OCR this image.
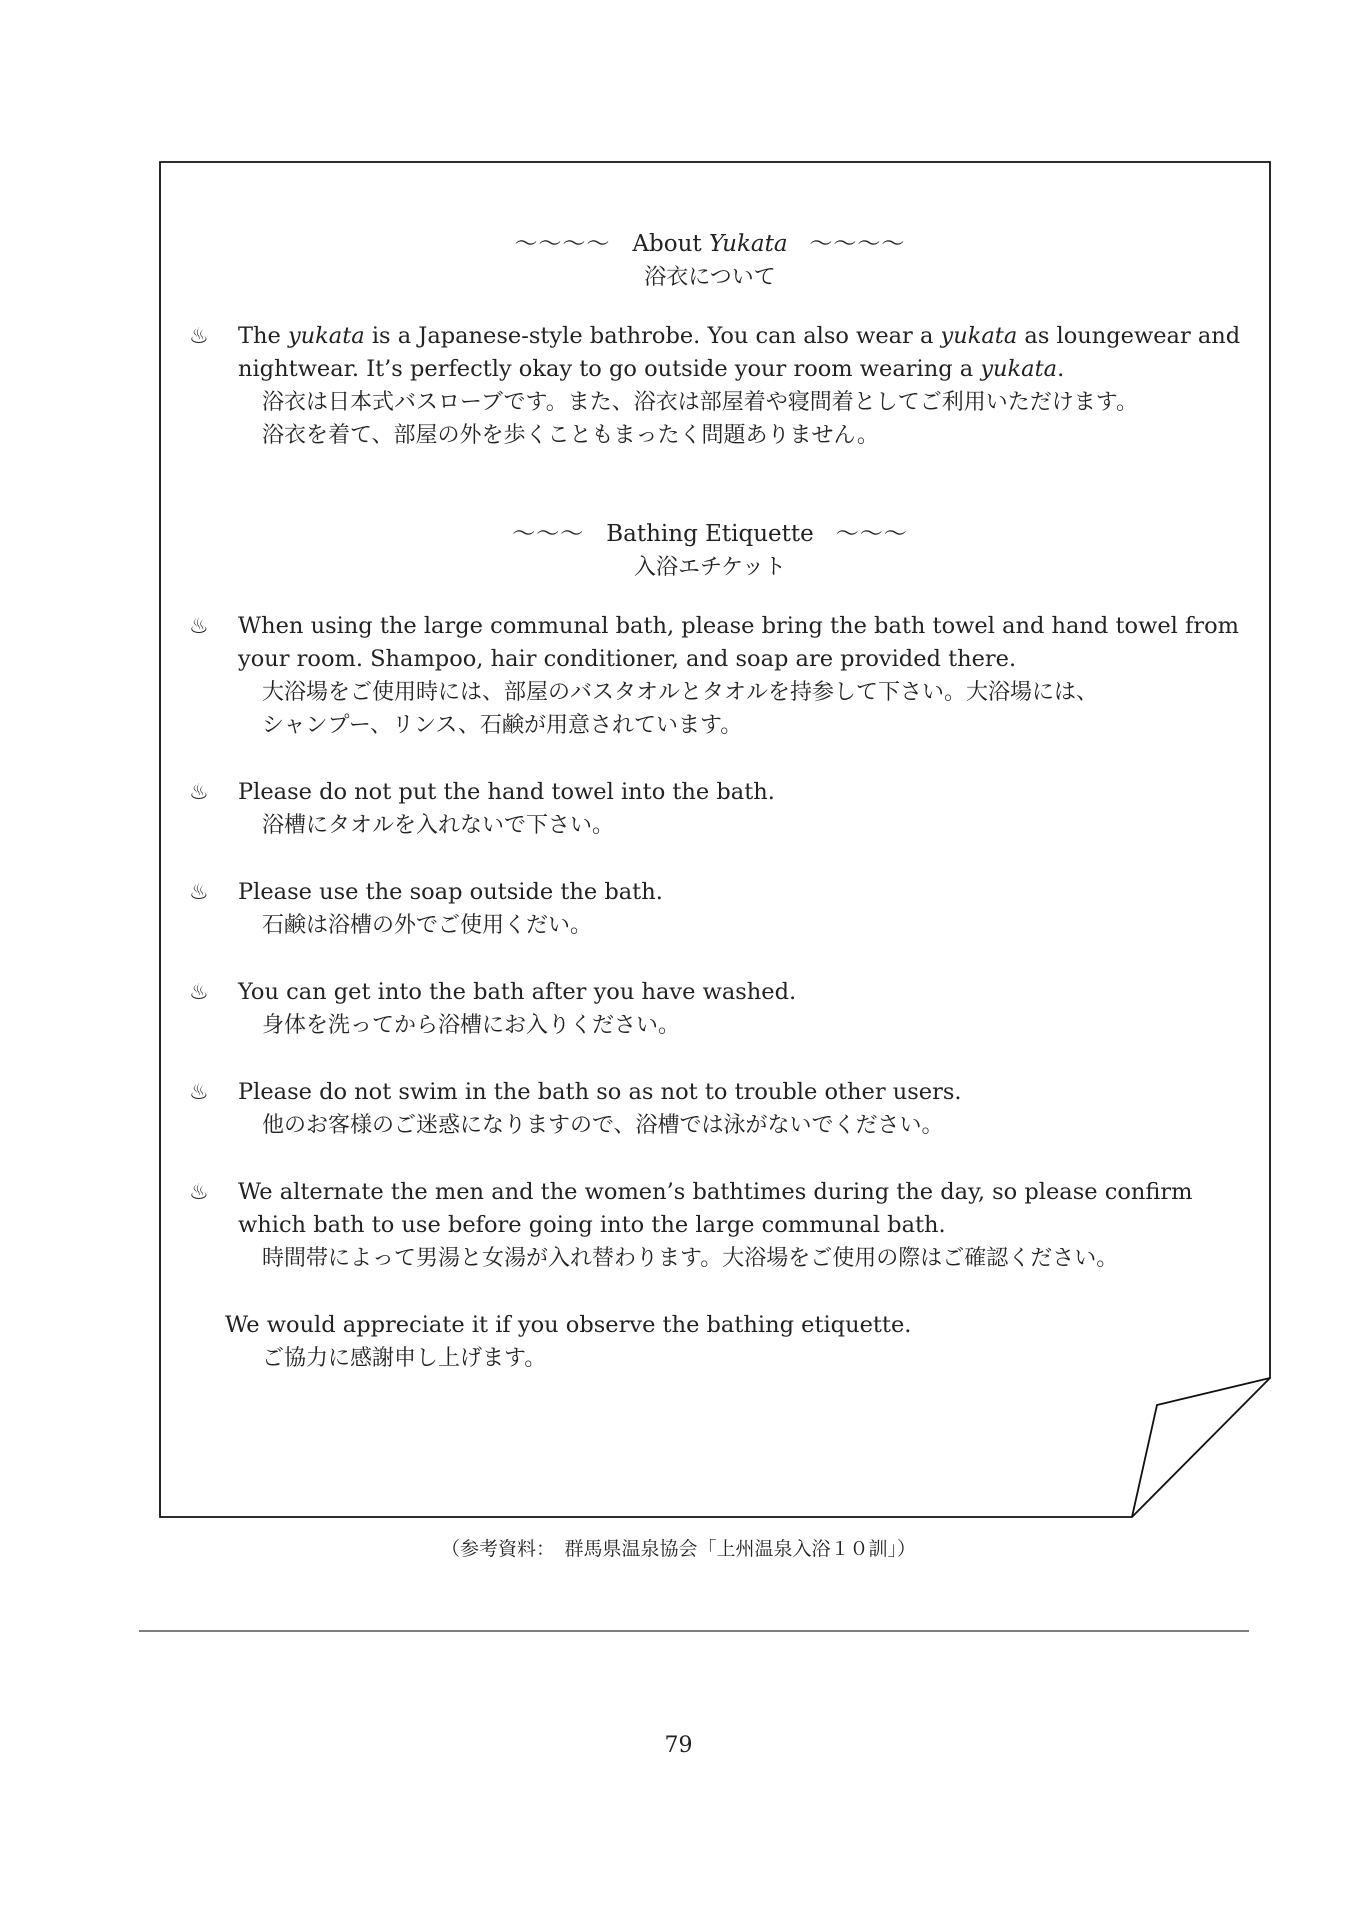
～～～～ About Yukata ～～～～
浴衣について
♨ The yukata is a Japanese-style bathrobe. You can also wear a yukata as loungewear and nightwear. It’s perfectly okay to go outside your room wearing a yukata.
浴衣は日本式バスローブです。また、浴衣は部屋着や寝間着としてご利用いただけます。
浴衣を着て、部屋の外を歩くこともまったく問題ありません。
～～～ Bathing Etiquette ～～～
入浴エチケット
♨ When using the large communal bath, please bring the bath towel and hand towel from your room. Shampoo, hair conditioner, and soap are provided there.
大浴場をご使用時には、部屋のバスタオルとタオルを持参して下さい。大浴場には、
シャンプー、リンス、石鹸が用意されています。
♨ Please do not put the hand towel into the bath.
浴槽にタオルを入れないで下さい。
♨ Please use the soap outside the bath.
石鹸は浴槽の外でご使用くだい。
♨ You can get into the bath after you have washed.
身体を洗ってから浴槽にお入りください。
♨ Please do not swim in the bath so as not to trouble other users.
他のお客様のご迷惑になりますので、浴槽では泳がないでください。
♨ We alternate the men and the women’s bathtimes during the day, so please confirm which bath to use before going into the large communal bath.
時間帯によって男湯と女湯が入れ替わります。大浴場をご使用の際はご確認ください。
We would appreciate it if you observe the bathing etiquette.
ご協力に感謝申し上げます。
（参考資料：　群馬県温泉協会「上州温泉入浴１０訓」）
79
